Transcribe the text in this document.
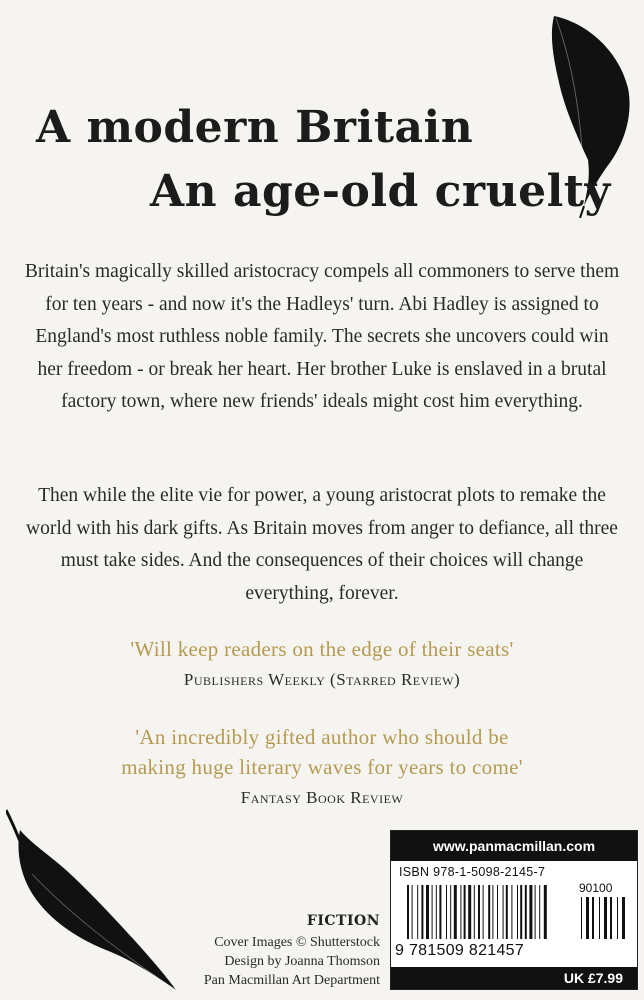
A modern Britain
An age-old cruelty

Britain's magically skilled aristocracy compels all commoners to serve them for ten years - and now it's the Hadleys' turn. Abi Hadley is assigned to England's most ruthless noble family. The secrets she uncovers could win her freedom - or break her heart. Her brother Luke is enslaved in a brutal factory town, where new friends' ideals might cost him everything.

Then while the elite vie for power, a young aristocrat plots to remake the world with his dark gifts. As Britain moves from anger to defiance, all three must take sides. And the consequences of their choices will change everything, forever.

'Will keep readers on the edge of their seats'

Publishers Weekly (Starred Review)

'An incredibly gifted author who should be
making huge literary waves for years to come'

Fantasy Book Review
FICTION
Cover Images © Shutterstock
Design by Joanna Thomson
Pan Macmillan Art Department
www.panmacmillan.com
ISBN 978-1-5098-2145-7
90100
9 781509 821457
UK £7.99
